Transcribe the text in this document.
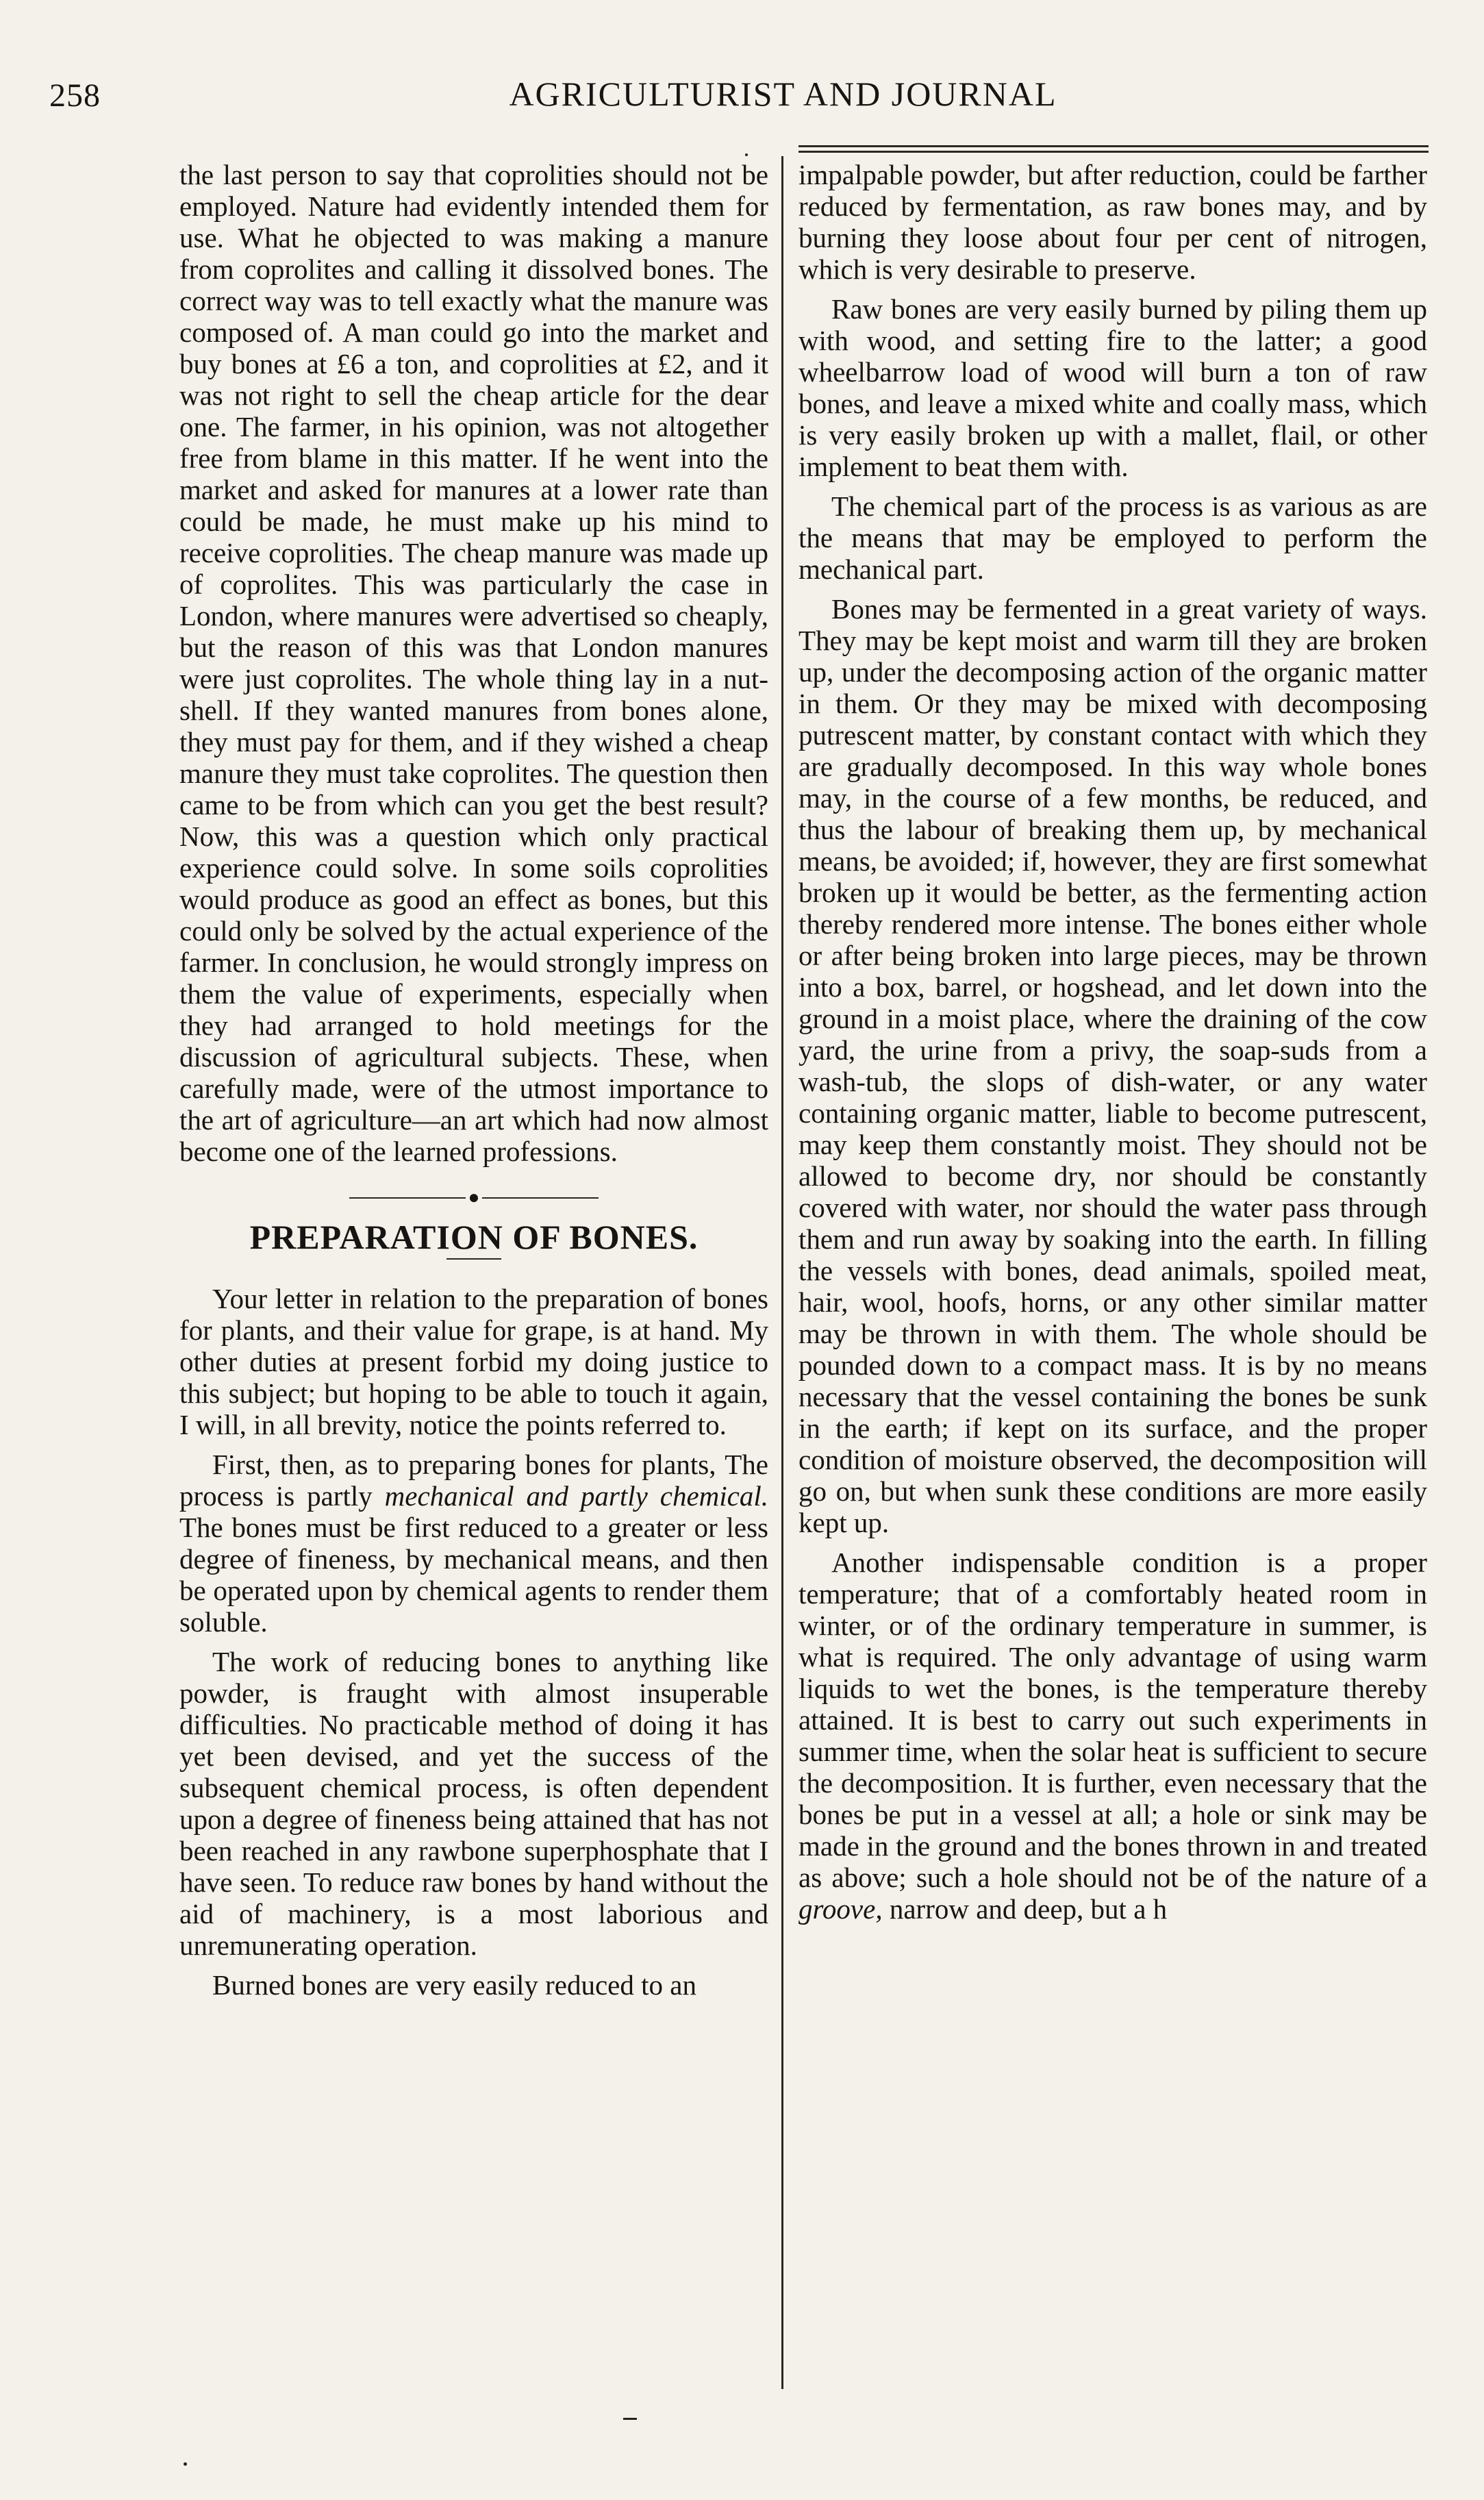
258	AGRICULTURIST AND JOURNAL

the last person to say that coprolities should not be employed. Nature had evidently intended them for use. What he objected to was making a manure from coprolites and calling it dissolved bones. The correct way was to tell exactly what the manure was composed of. A man could go into the market and buy bones at £6 a ton, and coprolities at £2, and it was not right to sell the cheap article for the dear one. The farmer, in his opinion, was not altogether free from blame in this matter. If he went into the market and asked for manures at a lower rate than could be made, he must make up his mind to receive coprolities. The cheap manure was made up of coprolites. This was particularly the case in London, where manures were advertised so cheaply, but the reason of this was that London manures were just coprolites. The whole thing lay in a nut-shell. If they wanted manures from bones alone, they must pay for them, and if they wished a cheap manure they must take coprolites. The question then came to be from which can you get the best result? Now, this was a question which only practical experience could solve. In some soils coprolities would produce as good an effect as bones, but this could only be solved by the actual experience of the farmer. In conclusion, he would strongly impress on them the value of experiments, especially when they had arranged to hold meetings for the discussion of agricultural subjects. These, when carefully made, were of the utmost importance to the art of agriculture—an art which had now almost become one of the learned professions.

●
PREPARATION OF BONES.

Your letter in relation to the preparation of bones for plants, and their value for grape, is at hand. My other duties at present forbid my doing justice to this subject; but hoping to be able to touch it again, I will, in all brevity, notice the points referred to.

First, then, as to preparing bones for plants, The process is partly mechanical and partly chemical. The bones must be first reduced to a greater or less degree of fineness, by mechanical means, and then be operated upon by chemical agents to render them soluble.

The work of reducing bones to anything like powder, is fraught with almost insuperable difficulties. No practicable method of doing it has yet been devised, and yet the success of the subsequent chemical process, is often dependent upon a degree of fineness being attained that has not been reached in any rawbone superphosphate that I have seen. To reduce raw bones by hand without the aid of machinery, is a most laborious and unremunerating operation.

Burned bones are very easily reduced to an

impalpable powder, but after reduction, could be farther reduced by fermentation, as raw bones may, and by burning they loose about four per cent of nitrogen, which is very desirable to preserve.

Raw bones are very easily burned by piling them up with wood, and setting fire to the latter; a good wheelbarrow load of wood will burn a ton of raw bones, and leave a mixed white and coally mass, which is very easily broken up with a mallet, flail, or other implement to beat them with.

The chemical part of the process is as various as are the means that may be employed to perform the mechanical part.

Bones may be fermented in a great variety of ways. They may be kept moist and warm till they are broken up, under the decomposing action of the organic matter in them. Or they may be mixed with decomposing putrescent matter, by constant contact with which they are gradually decomposed. In this way whole bones may, in the course of a few months, be reduced, and thus the labour of breaking them up, by mechanical means, be avoided; if, however, they are first somewhat broken up it would be better, as the fermenting action thereby rendered more intense. The bones either whole or after being broken into large pieces, may be thrown into a box, barrel, or hogshead, and let down into the ground in a moist place, where the draining of the cow yard, the urine from a privy, the soap-suds from a wash-tub, the slops of dish-water, or any water containing organic matter, liable to become putrescent, may keep them constantly moist. They should not be allowed to become dry, nor should be constantly covered with water, nor should the water pass through them and run away by soaking into the earth. In filling the vessels with bones, dead animals, spoiled meat, hair, wool, hoofs, horns, or any other similar matter may be thrown in with them. The whole should be pounded down to a compact mass. It is by no means necessary that the vessel containing the bones be sunk in the earth; if kept on its surface, and the proper condition of moisture observed, the decomposition will go on, but when sunk these conditions are more easily kept up.

Another indispensable condition is a proper temperature; that of a comfortably heated room in winter, or of the ordinary temperature in summer, is what is required. The only advantage of using warm liquids to wet the bones, is the temperature thereby attained. It is best to carry out such experiments in summer time, when the solar heat is sufficient to secure the decomposition. It is further, even necessary that the bones be put in a vessel at all; a hole or sink may be made in the ground and the bones thrown in and treated as above; such a hole should not be of the nature of a groove, narrow and deep, but a h
